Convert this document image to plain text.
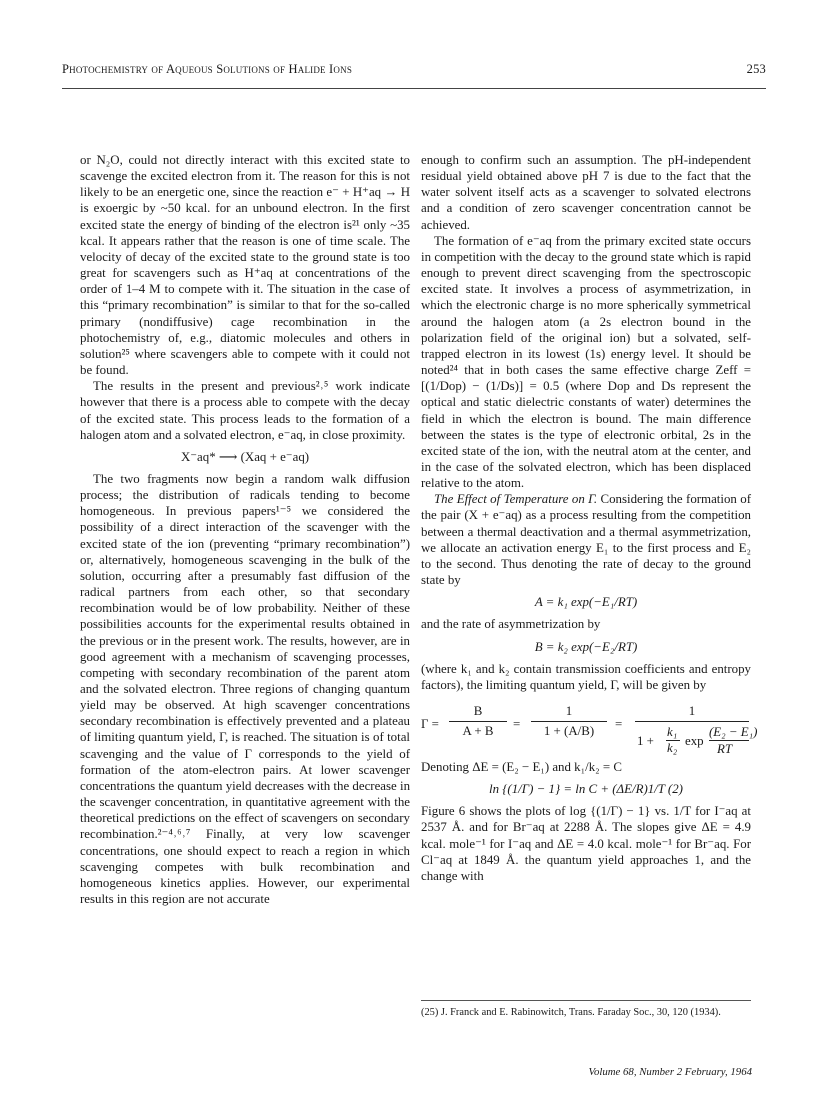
Photochemistry of Aqueous Solutions of Halide Ions	253

or N₂O, could not directly interact with this excited state to scavenge the excited electron from it. The reason for this is not likely to be an energetic one, since the reaction e⁻ + H⁺aq → H is exoergic by ~50 kcal. for an unbound electron. In the first excited state the energy of binding of the electron is²¹ only ~35 kcal. It appears rather that the reason is one of time scale. The velocity of decay of the excited state to the ground state is too great for scavengers such as H⁺aq at concentrations of the order of 1–4 M to compete with it. The situation in the case of this “primary recombination” is similar to that for the so-called primary (nondiffusive) cage recombination in the photochemistry of, e.g., diatomic molecules and others in solution²⁵ where scavengers able to compete with it could not be found.

The results in the present and previous²˒⁵ work indicate however that there is a process able to compete with the decay of the excited state. This process leads to the formation of a halogen atom and a solvated electron, e⁻aq, in close proximity.

X⁻aq* ⟶ (Xaq + e⁻aq)

The two fragments now begin a random walk diffusion process; the distribution of radicals tending to become homogeneous. In previous papers¹⁻⁵ we considered the possibility of a direct interaction of the scavenger with the excited state of the ion (preventing “primary recombination”) or, alternatively, homogeneous scavenging in the bulk of the solution, occurring after a presumably fast diffusion of the radical partners from each other, so that secondary recombination would be of low probability. Neither of these possibilities accounts for the experimental results obtained in the previous or in the present work. The results, however, are in good agreement with a mechanism of scavenging processes, competing with secondary recombination of the parent atom and the solvated electron. Three regions of changing quantum yield may be observed. At high scavenger concentrations secondary recombination is effectively prevented and a plateau of limiting quantum yield, Γ, is reached. The situation is of total scavenging and the value of Γ corresponds to the yield of formation of the atom-electron pairs. At lower scavenger concentrations the quantum yield decreases with the decrease in the scavenger concentration, in quantitative agreement with the theoretical predictions on the effect of scavengers on secondary recombination.²⁻⁴˒⁶˒⁷ Finally, at very low scavenger concentrations, one should expect to reach a region in which scavenging competes with bulk recombination and homogeneous kinetics applies. However, our experimental results in this region are not accurate

enough to confirm such an assumption. The pH-independent residual yield obtained above pH 7 is due to the fact that the water solvent itself acts as a scavenger to solvated electrons and a condition of zero scavenger concentration cannot be achieved.

The formation of e⁻aq from the primary excited state occurs in competition with the decay to the ground state which is rapid enough to prevent direct scavenging from the spectroscopic excited state. It involves a process of asymmetrization, in which the electronic charge is no more spherically symmetrical around the halogen atom (a 2s electron bound in the polarization field of the original ion) but a solvated, self-trapped electron in its lowest (1s) energy level. It should be noted²⁴ that in both cases the same effective charge Zeff = [(1/Dop) − (1/Ds)] = 0.5 (where Dop and Ds represent the optical and static dielectric constants of water) determines the field in which the electron is bound. The main difference between the states is the type of electronic orbital, 2s in the excited state of the ion, with the neutral atom at the center, and in the case of the solvated electron, which has been displaced relative to the atom.

The Effect of Temperature on Γ. Considering the formation of the pair (X + e⁻aq) as a process resulting from the competition between a thermal deactivation and a thermal asymmetrization, we allocate an activation energy E₁ to the first process and E₂ to the second. Thus denoting the rate of decay to the ground state by

A = k₁ exp(−E₁/RT)

and the rate of asymmetrization by

B = k₂ exp(−E₂/RT)

(where k₁ and k₂ contain transmission coefficients and entropy factors), the limiting quantum yield, Γ, will be given by

Γ =
B
A + B	=
1
1 + (A/B)	=
1
1 +
k₁
k₂ exp
(E₂ − E₁)
RT

Denoting ΔE = (E₂ − E₁) and k₁/k₂ = C

ln {(1/Γ) − 1} = ln C + (ΔE/R)1/T (2)

Figure 6 shows the plots of log {(1/Γ) − 1} vs. 1/T for I⁻aq at 2537 Å. and for Br⁻aq at 2288 Å. The slopes give ΔE = 4.9 kcal. mole⁻¹ for I⁻aq and ΔE = 4.0 kcal. mole⁻¹ for Br⁻aq. For Cl⁻aq at 1849 Å. the quantum yield approaches 1, and the change with

(25) J. Franck and E. Rabinowitch, Trans. Faraday Soc., 30, 120 (1934).
Volume 68, Number 2 February, 1964
